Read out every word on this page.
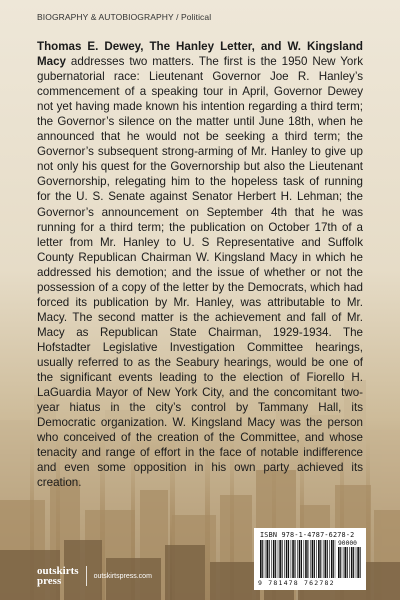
BIOGRAPHY & AUTOBIOGRAPHY / Political
Thomas E. Dewey, The Hanley Letter, and W. Kingsland Macy addresses two matters. The first is the 1950 New York gubernatorial race: Lieutenant Governor Joe R. Hanley’s commencement of a speaking tour in April, Governor Dewey not yet having made known his intention regarding a third term; the Governor’s silence on the matter until June 18th, when he announced that he would not be seeking a third term; the Governor’s subsequent strong-arming of Mr. Hanley to give up not only his quest for the Governorship but also the Lieutenant Governorship, relegating him to the hopeless task of running for the U. S. Senate against Senator Herbert H. Lehman; the Governor’s announcement on September 4th that he was running for a third term; the publication on October 17th of a letter from Mr. Hanley to U. S Representative and Suffolk County Republican Chairman W. Kingsland Macy in which he addressed his demotion; and the issue of whether or not the possession of a copy of the letter by the Democrats, which had forced its publication by Mr. Hanley, was attributable to Mr. Macy. The second matter is the achievement and fall of Mr. Macy as Republican State Chairman, 1929-1934. The Hofstadter Legislative Investigation Committee hearings, usually referred to as the Seabury hearings, would be one of the significant events leading to the election of Fiorello H. LaGuardia Mayor of New York City, and the concomitant two-year hiatus in the city’s control by Tammany Hall, its Democratic organization. W. Kingsland Macy was the person who conceived of the creation of the Committee, and whose tenacity and range of effort in the face of notable indifference and even some opposition in his own party achieved its creation.
ISBN 978-1-4787-6278-2
90000
9 781478 762782
outskirts
press	outskirtspress.com
